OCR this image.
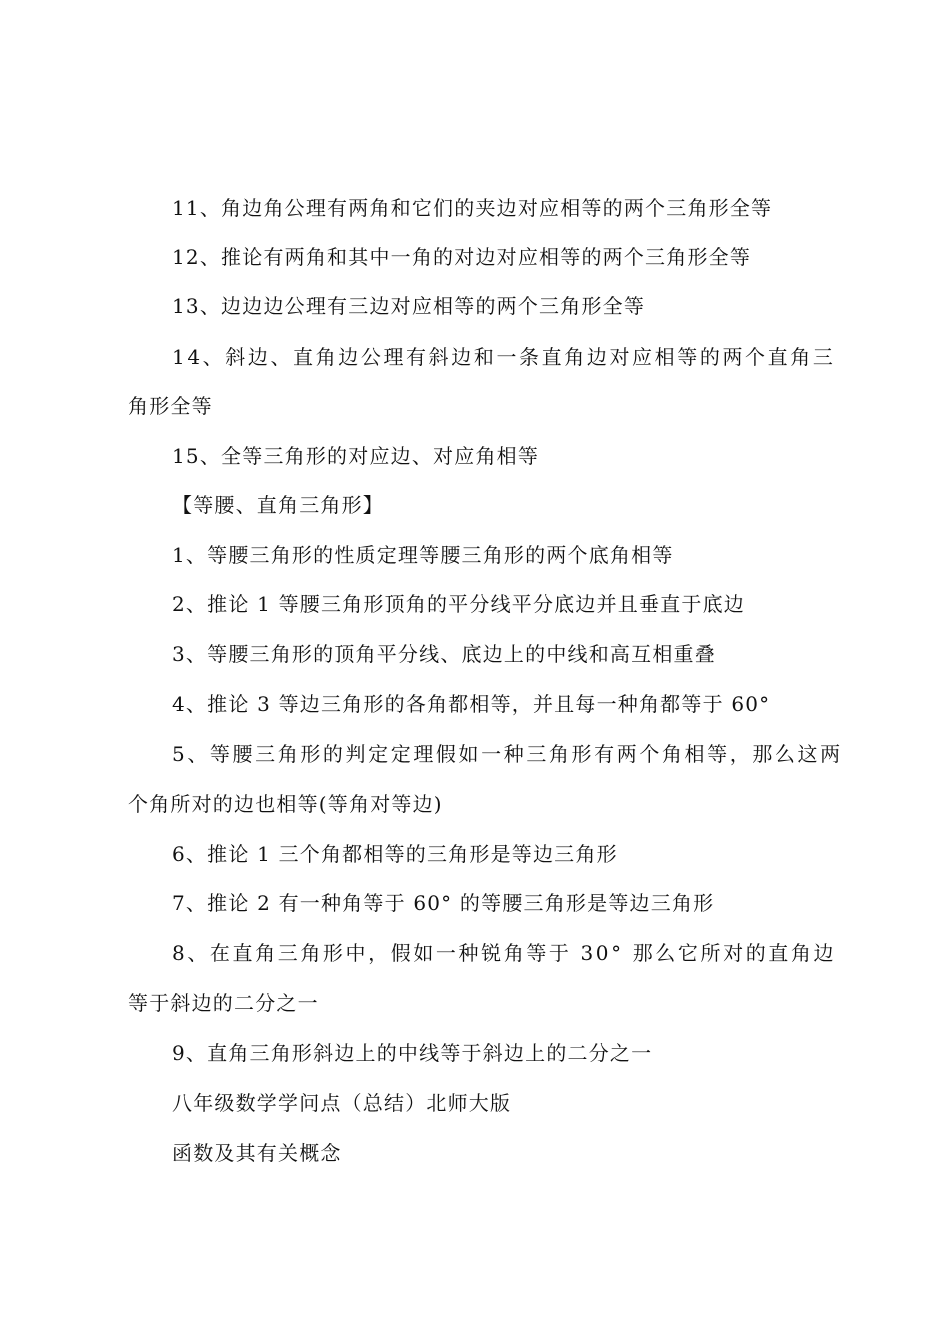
11、角边角公理有两角和它们的夹边对应相等的两个三角形全等
12、推论有两角和其中一角的对边对应相等的两个三角形全等
13、边边边公理有三边对应相等的两个三角形全等
14、斜边、直角边公理有斜边和一条直角边对应相等的两个直角三
角形全等
15、全等三角形的对应边、对应角相等
【等腰、直角三角形】
1、等腰三角形的性质定理等腰三角形的两个底角相等
2、推论 1 等腰三角形顶角的平分线平分底边并且垂直于底边
3、等腰三角形的顶角平分线、底边上的中线和高互相重叠
4、推论 3 等边三角形的各角都相等，并且每一种角都等于 60°
5、等腰三角形的判定定理假如一种三角形有两个角相等，那么这两
个角所对的边也相等(等角对等边)
6、推论 1 三个角都相等的三角形是等边三角形
7、推论 2 有一种角等于 60° 的等腰三角形是等边三角形
8、在直角三角形中，假如一种锐角等于 30° 那么它所对的直角边
等于斜边的二分之一
9、直角三角形斜边上的中线等于斜边上的二分之一
八年级数学学问点（总结）北师大版
函数及其有关概念
